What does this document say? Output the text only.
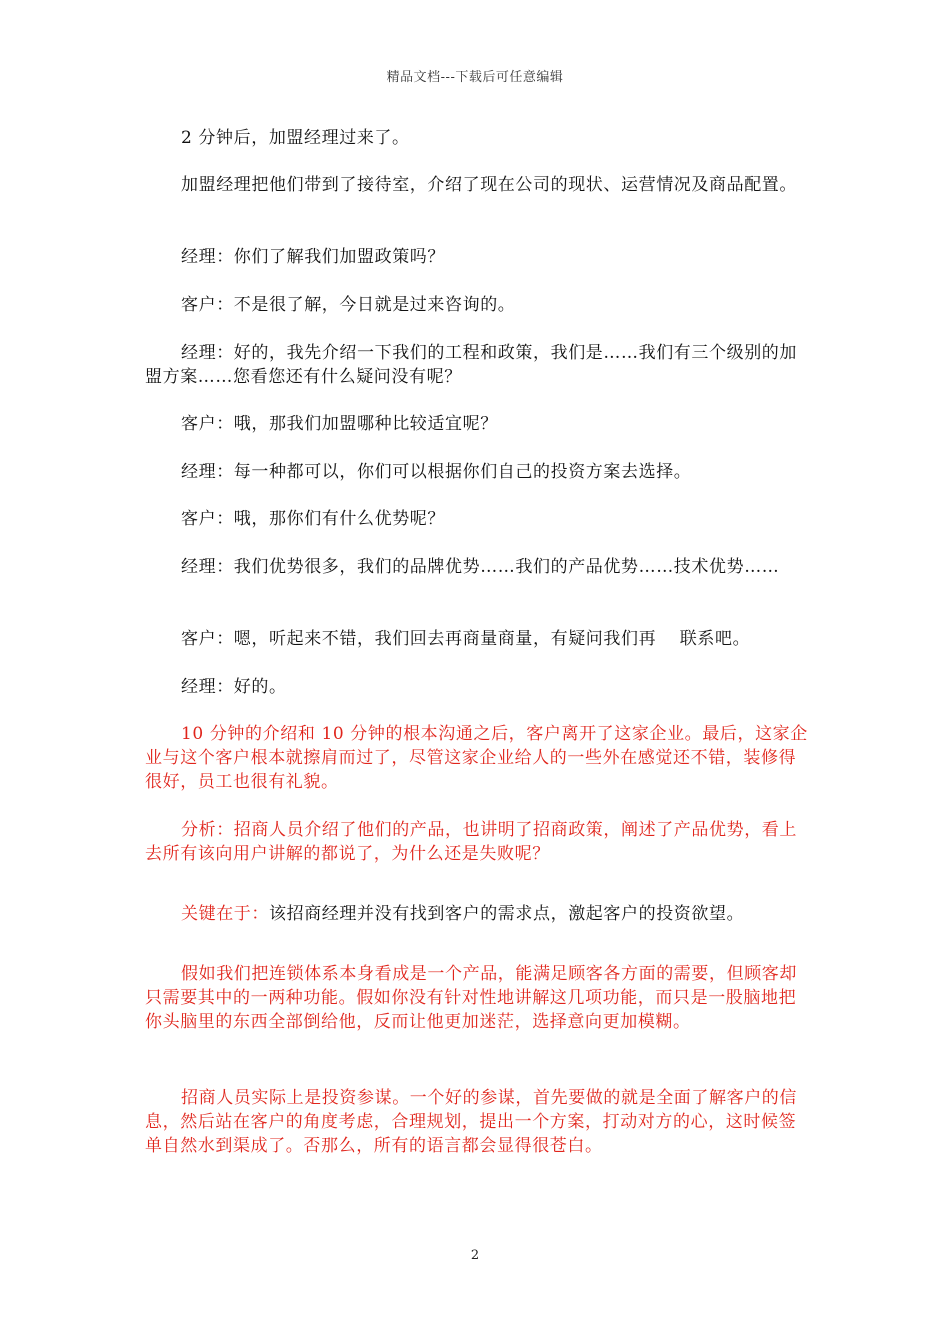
精品文档---下载后可任意编辑
2 分钟后，加盟经理过来了。
加盟经理把他们带到了接待室，介绍了现在公司的现状、运营情况及商品配置。
经理：你们了解我们加盟政策吗？
客户：不是很了解，今日就是过来咨询的。
经理：好的，我先介绍一下我们的工程和政策，我们是……我们有三个级别的加盟方案……您看您还有什么疑问没有呢？
客户：哦，那我们加盟哪种比较适宜呢？
经理：每一种都可以，你们可以根据你们自己的投资方案去选择。
客户：哦，那你们有什么优势呢？
经理：我们优势很多，我们的品牌优势……我们的产品优势……技术优势……
客户：嗯，听起来不错，我们回去再商量商量，有疑问我们再　 联系吧。
经理：好的。
10 分钟的介绍和 10 分钟的根本沟通之后，客户离开了这家企业。最后，这家企业与这个客户根本就擦肩而过了，尽管这家企业给人的一些外在感觉还不错，装修得很好，员工也很有礼貌。
分析：招商人员介绍了他们的产品，也讲明了招商政策，阐述了产品优势，看上去所有该向用户讲解的都说了，为什么还是失败呢？
关键在于：该招商经理并没有找到客户的需求点，激起客户的投资欲望。
假如我们把连锁体系本身看成是一个产品，能满足顾客各方面的需要，但顾客却只需要其中的一两种功能。假如你没有针对性地讲解这几项功能，而只是一股脑地把你头脑里的东西全部倒给他，反而让他更加迷茫，选择意向更加模糊。
招商人员实际上是投资参谋。一个好的参谋，首先要做的就是全面了解客户的信息，然后站在客户的角度考虑，合理规划，提出一个方案，打动对方的心，这时候签单自然水到渠成了。否那么，所有的语言都会显得很苍白。
2
